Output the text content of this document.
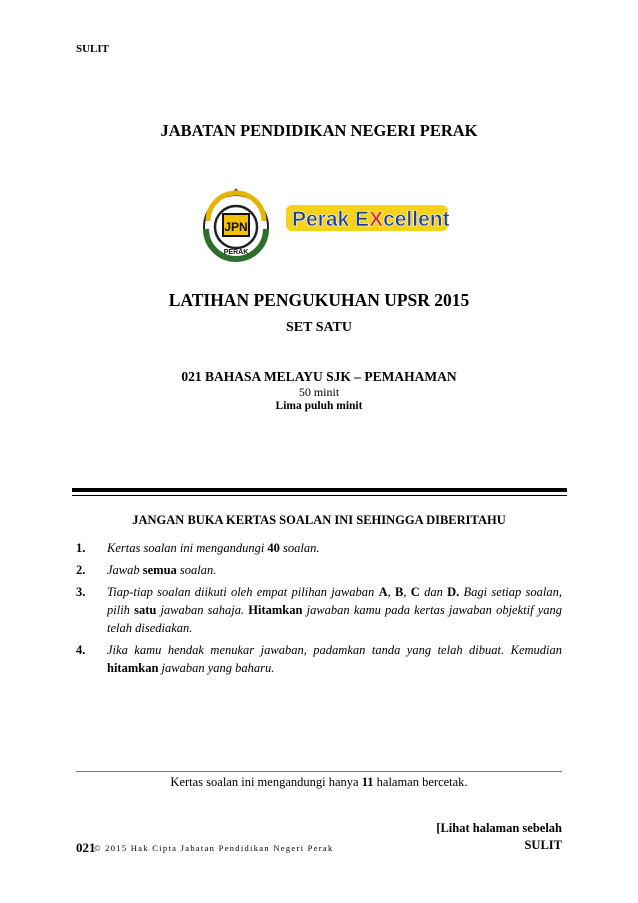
SULIT
JABATAN PENDIDIKAN NEGERI PERAK
JPN
PERAK
Perak EXcellent
LATIHAN PENGUKUHAN UPSR 2015
SET SATU
021 BAHASA MELAYU SJK – PEMAHAMAN
50 minit
Lima puluh minit
JANGAN BUKA KERTAS SOALAN INI SEHINGGA DIBERITAHU
1.	Kertas soalan ini mengandungi 40 soalan.
2.	Jawab semua soalan.
3.	Tiap-tiap soalan diikuti oleh empat pilihan jawaban A, B, C dan D. Bagi setiap soalan, pilih satu jawaban sahaja. Hitamkan jawaban kamu pada kertas jawaban objektif yang telah disediakan.
4.	Jika kamu hendak menukar jawaban, padamkan tanda yang telah dibuat. Kemudian hitamkan jawaban yang baharu.
Kertas soalan ini mengandungi hanya 11 halaman bercetak.
[Lihat halaman sebelah
021
© 2015 Hak Cipta Jabatan Pendidikan Negeri Perak	SULIT
